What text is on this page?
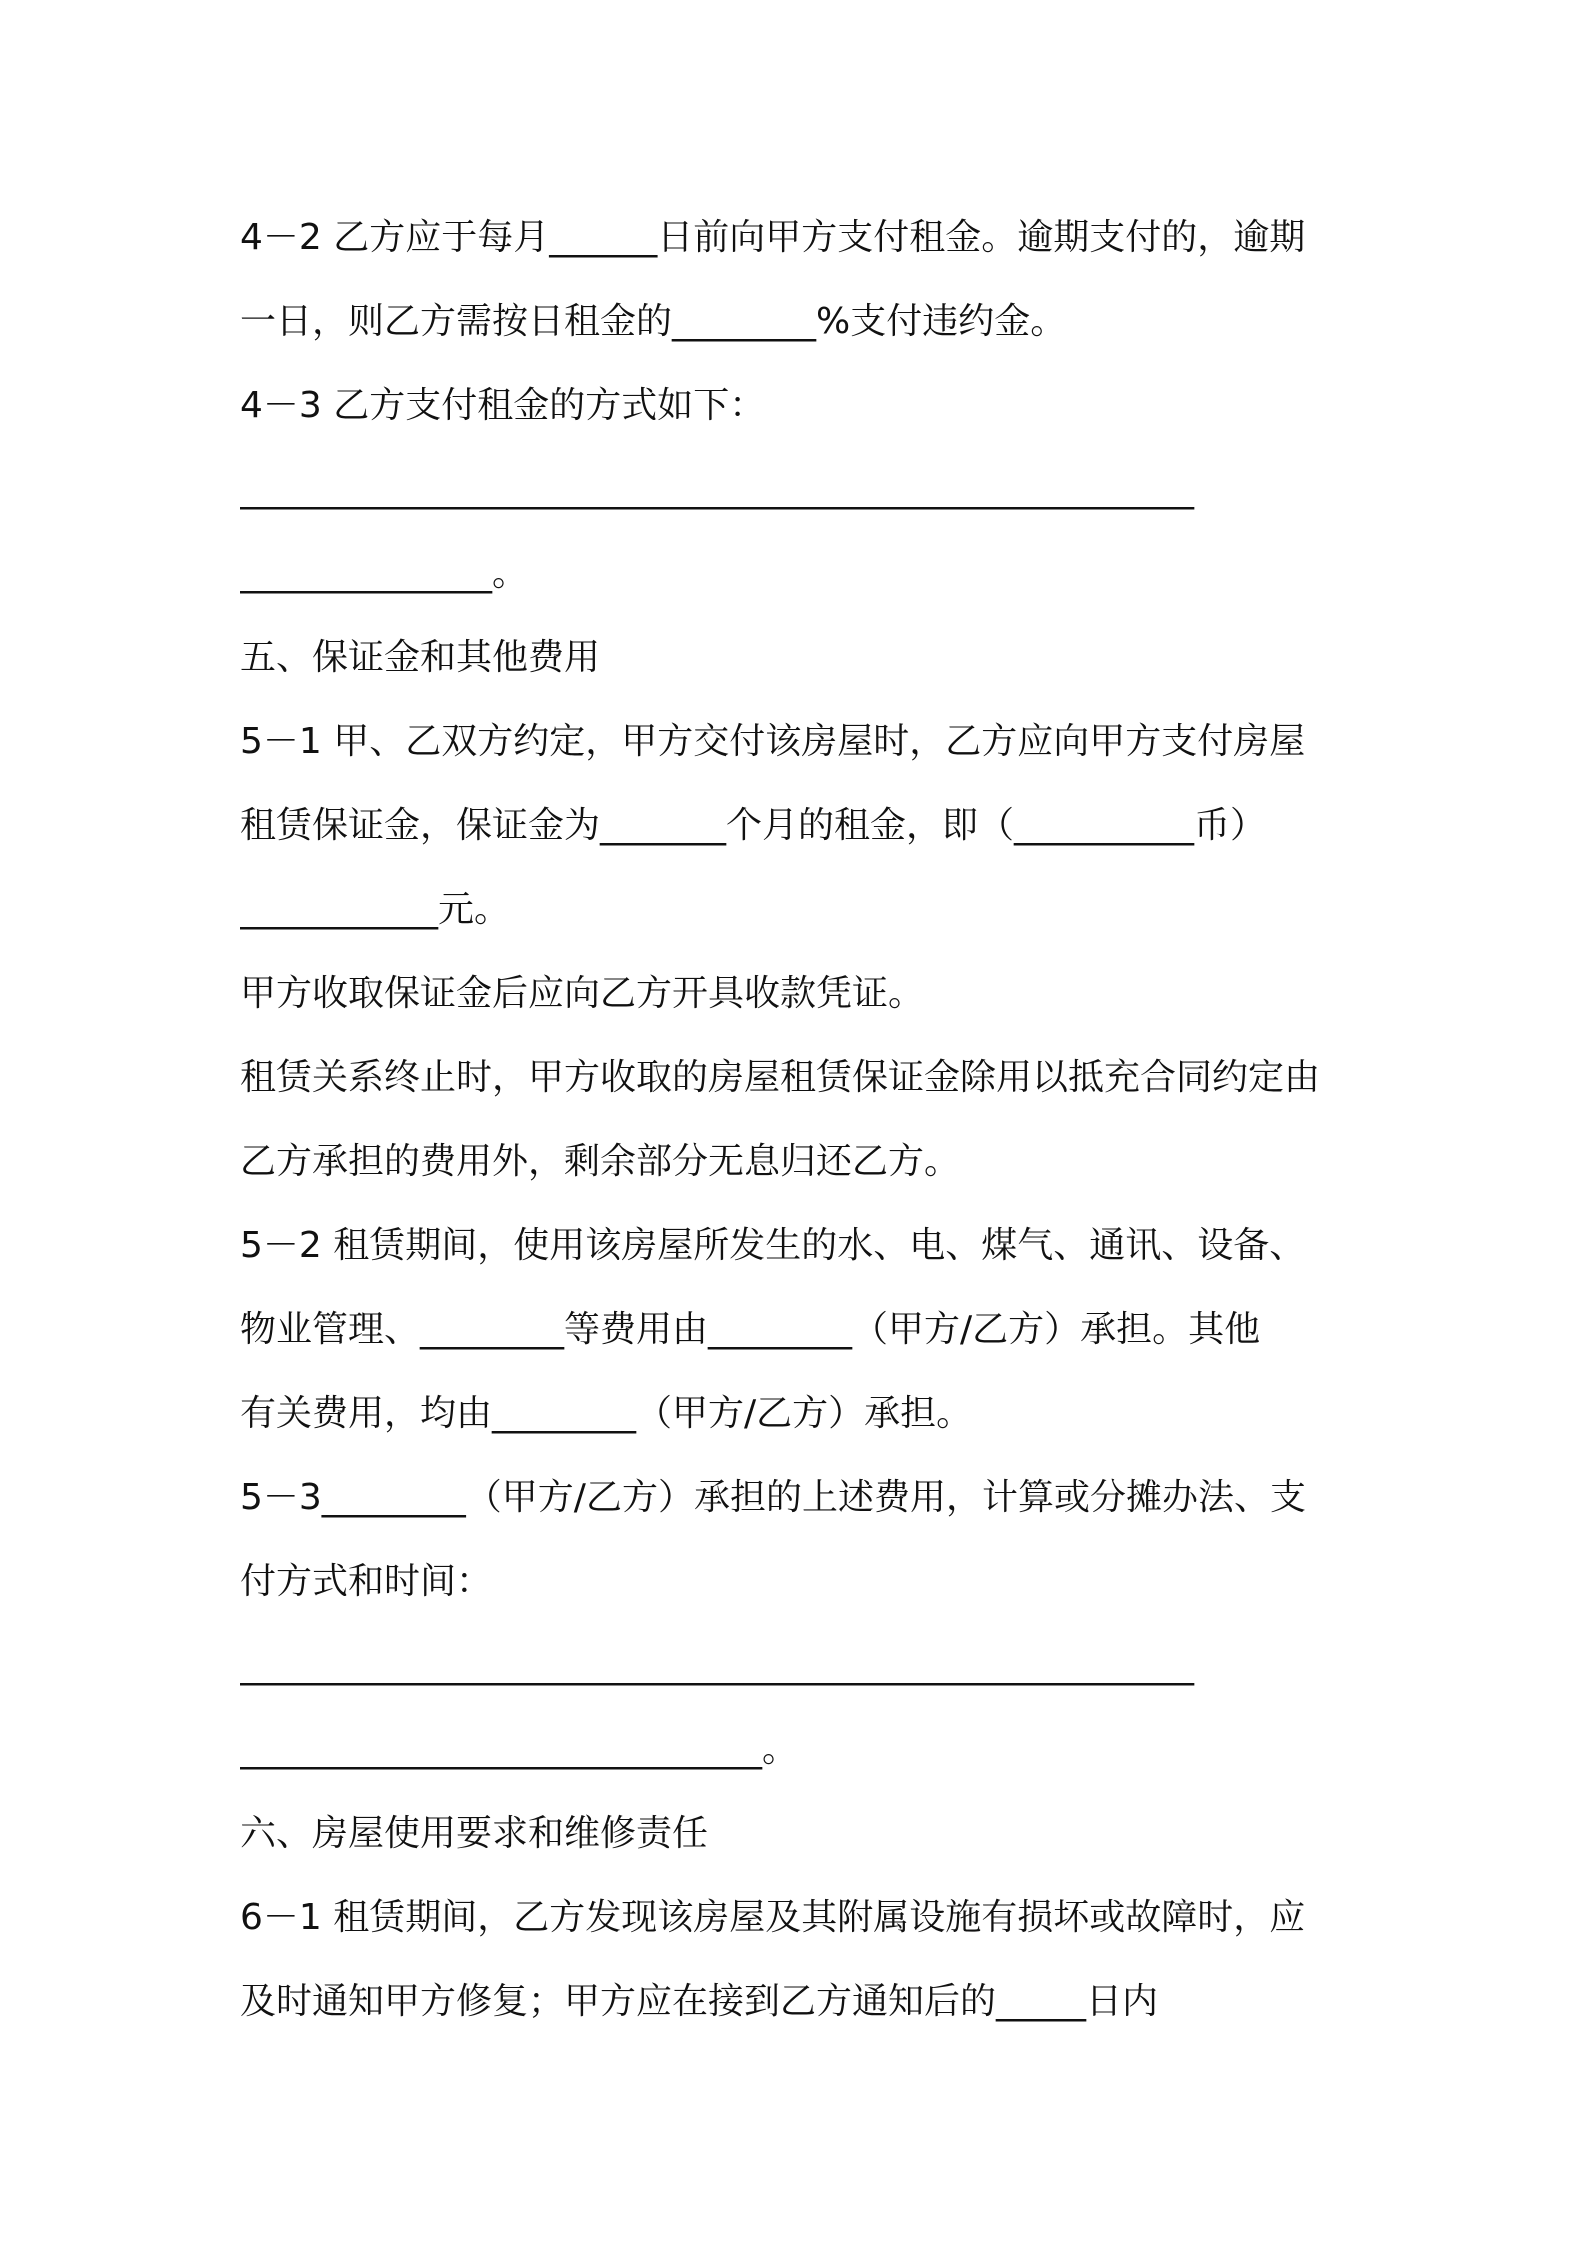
4－2 乙方应于每月______日前向甲方支付租金。逾期支付的，逾期
一日，则乙方需按日租金的________%支付违约金。
4－3 乙方支付租金的方式如下：
_____________________________________________________
______________。
五、保证金和其他费用
5－1 甲、乙双方约定，甲方交付该房屋时，乙方应向甲方支付房屋
租赁保证金，保证金为_______个月的租金，即（__________币）
___________元。
甲方收取保证金后应向乙方开具收款凭证。
租赁关系终止时，甲方收取的房屋租赁保证金除用以抵充合同约定由
乙方承担的费用外，剩余部分无息归还乙方。
5－2 租赁期间，使用该房屋所发生的水、电、煤气、通讯、设备、
物业管理、________等费用由________（甲方/乙方）承担。其他
有关费用，均由________（甲方/乙方）承担。
5－3________（甲方/乙方）承担的上述费用，计算或分摊办法、支
付方式和时间：
_____________________________________________________
_____________________________。
六、房屋使用要求和维修责任
6－1 租赁期间，乙方发现该房屋及其附属设施有损坏或故障时，应
及时通知甲方修复；甲方应在接到乙方通知后的_____日内
